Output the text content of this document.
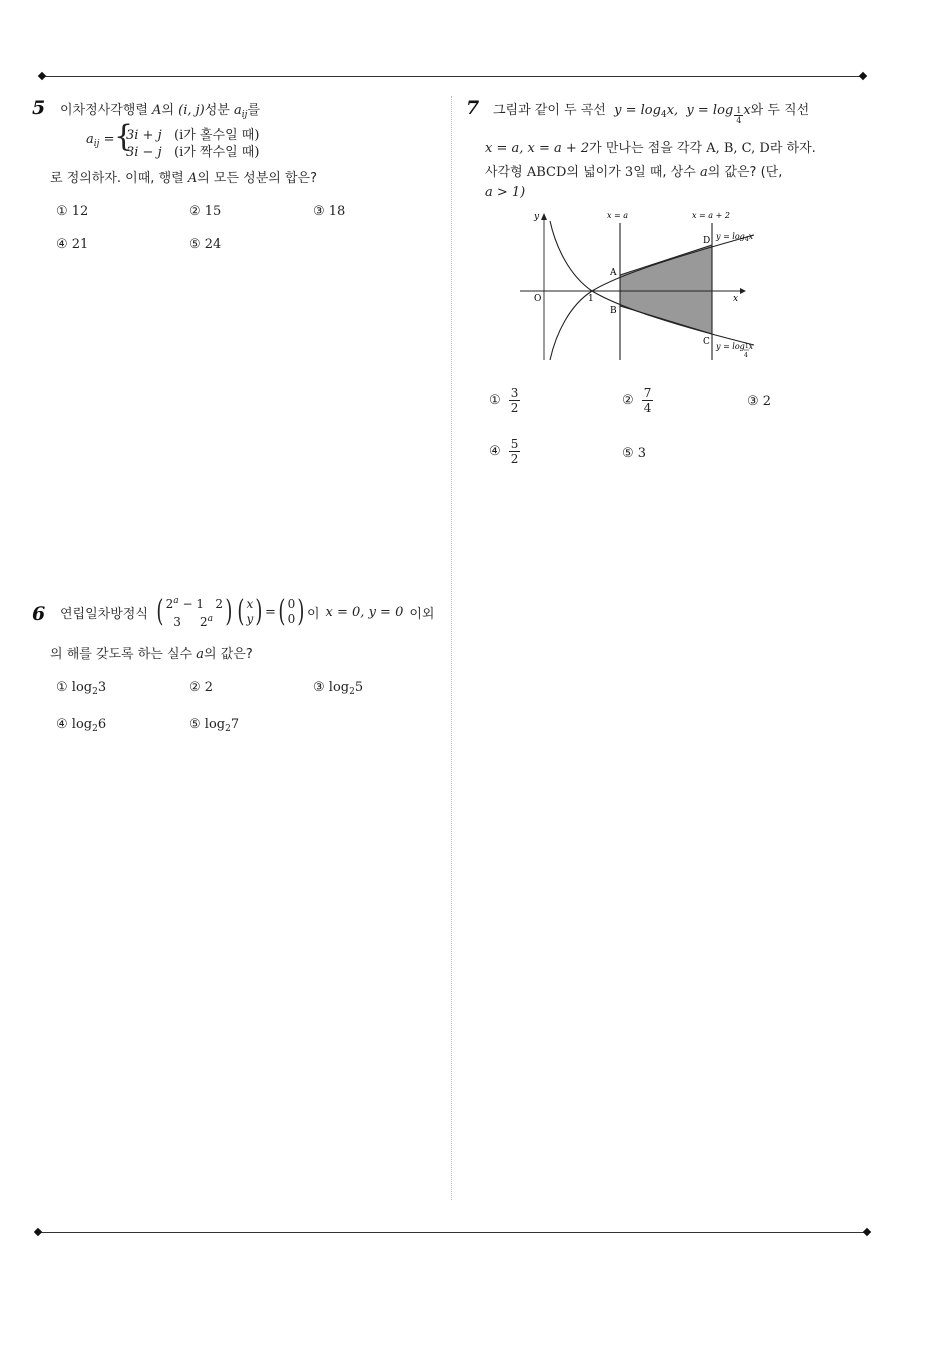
5 이차정사각행렬 A의 (i, j)성분 $a_{ij}$를
$a_{ij}$ = {
3i + j (i가 홀수일 때)
3i − j (i가 짝수일 때)
로 정의하자. 이때, 행렬 A의 모든 성분의 합은?
① 12	② 15	③ 18
④ 21	⑤ 24
6 연립일차방정식 ( $2^a - 1$ 2
3 2$^a$ ) ( x
y ) = ( 0
0 ) 이 x = 0, y = 0 이외
의 해를 갖도록 하는 실수 a의 값은?
① $\log_23$	② 2	③ $\log_25$
④ $\log_26$	⑤ $\log_27$
7 그림과 같이 두 곡선 $y = \log_4x$, $y = \log \frac{1}{4}$ x와 두 직선
x = a, x = a + 2가 만나는 점을 각각 A, B, C, D라 하자.
사각형 ABCD의 넓이가 3일 때, 상수 a의 값은? (단,
a > 1)
y
x
O	1
x = a	x = a + 2
A
B
C
D $y = \log_4x$
y = log1x
4
① $\frac{3}{2}$	② $\frac{7}{4}$	③ 2
④ $\frac{5}{2}$	⑤ 3
